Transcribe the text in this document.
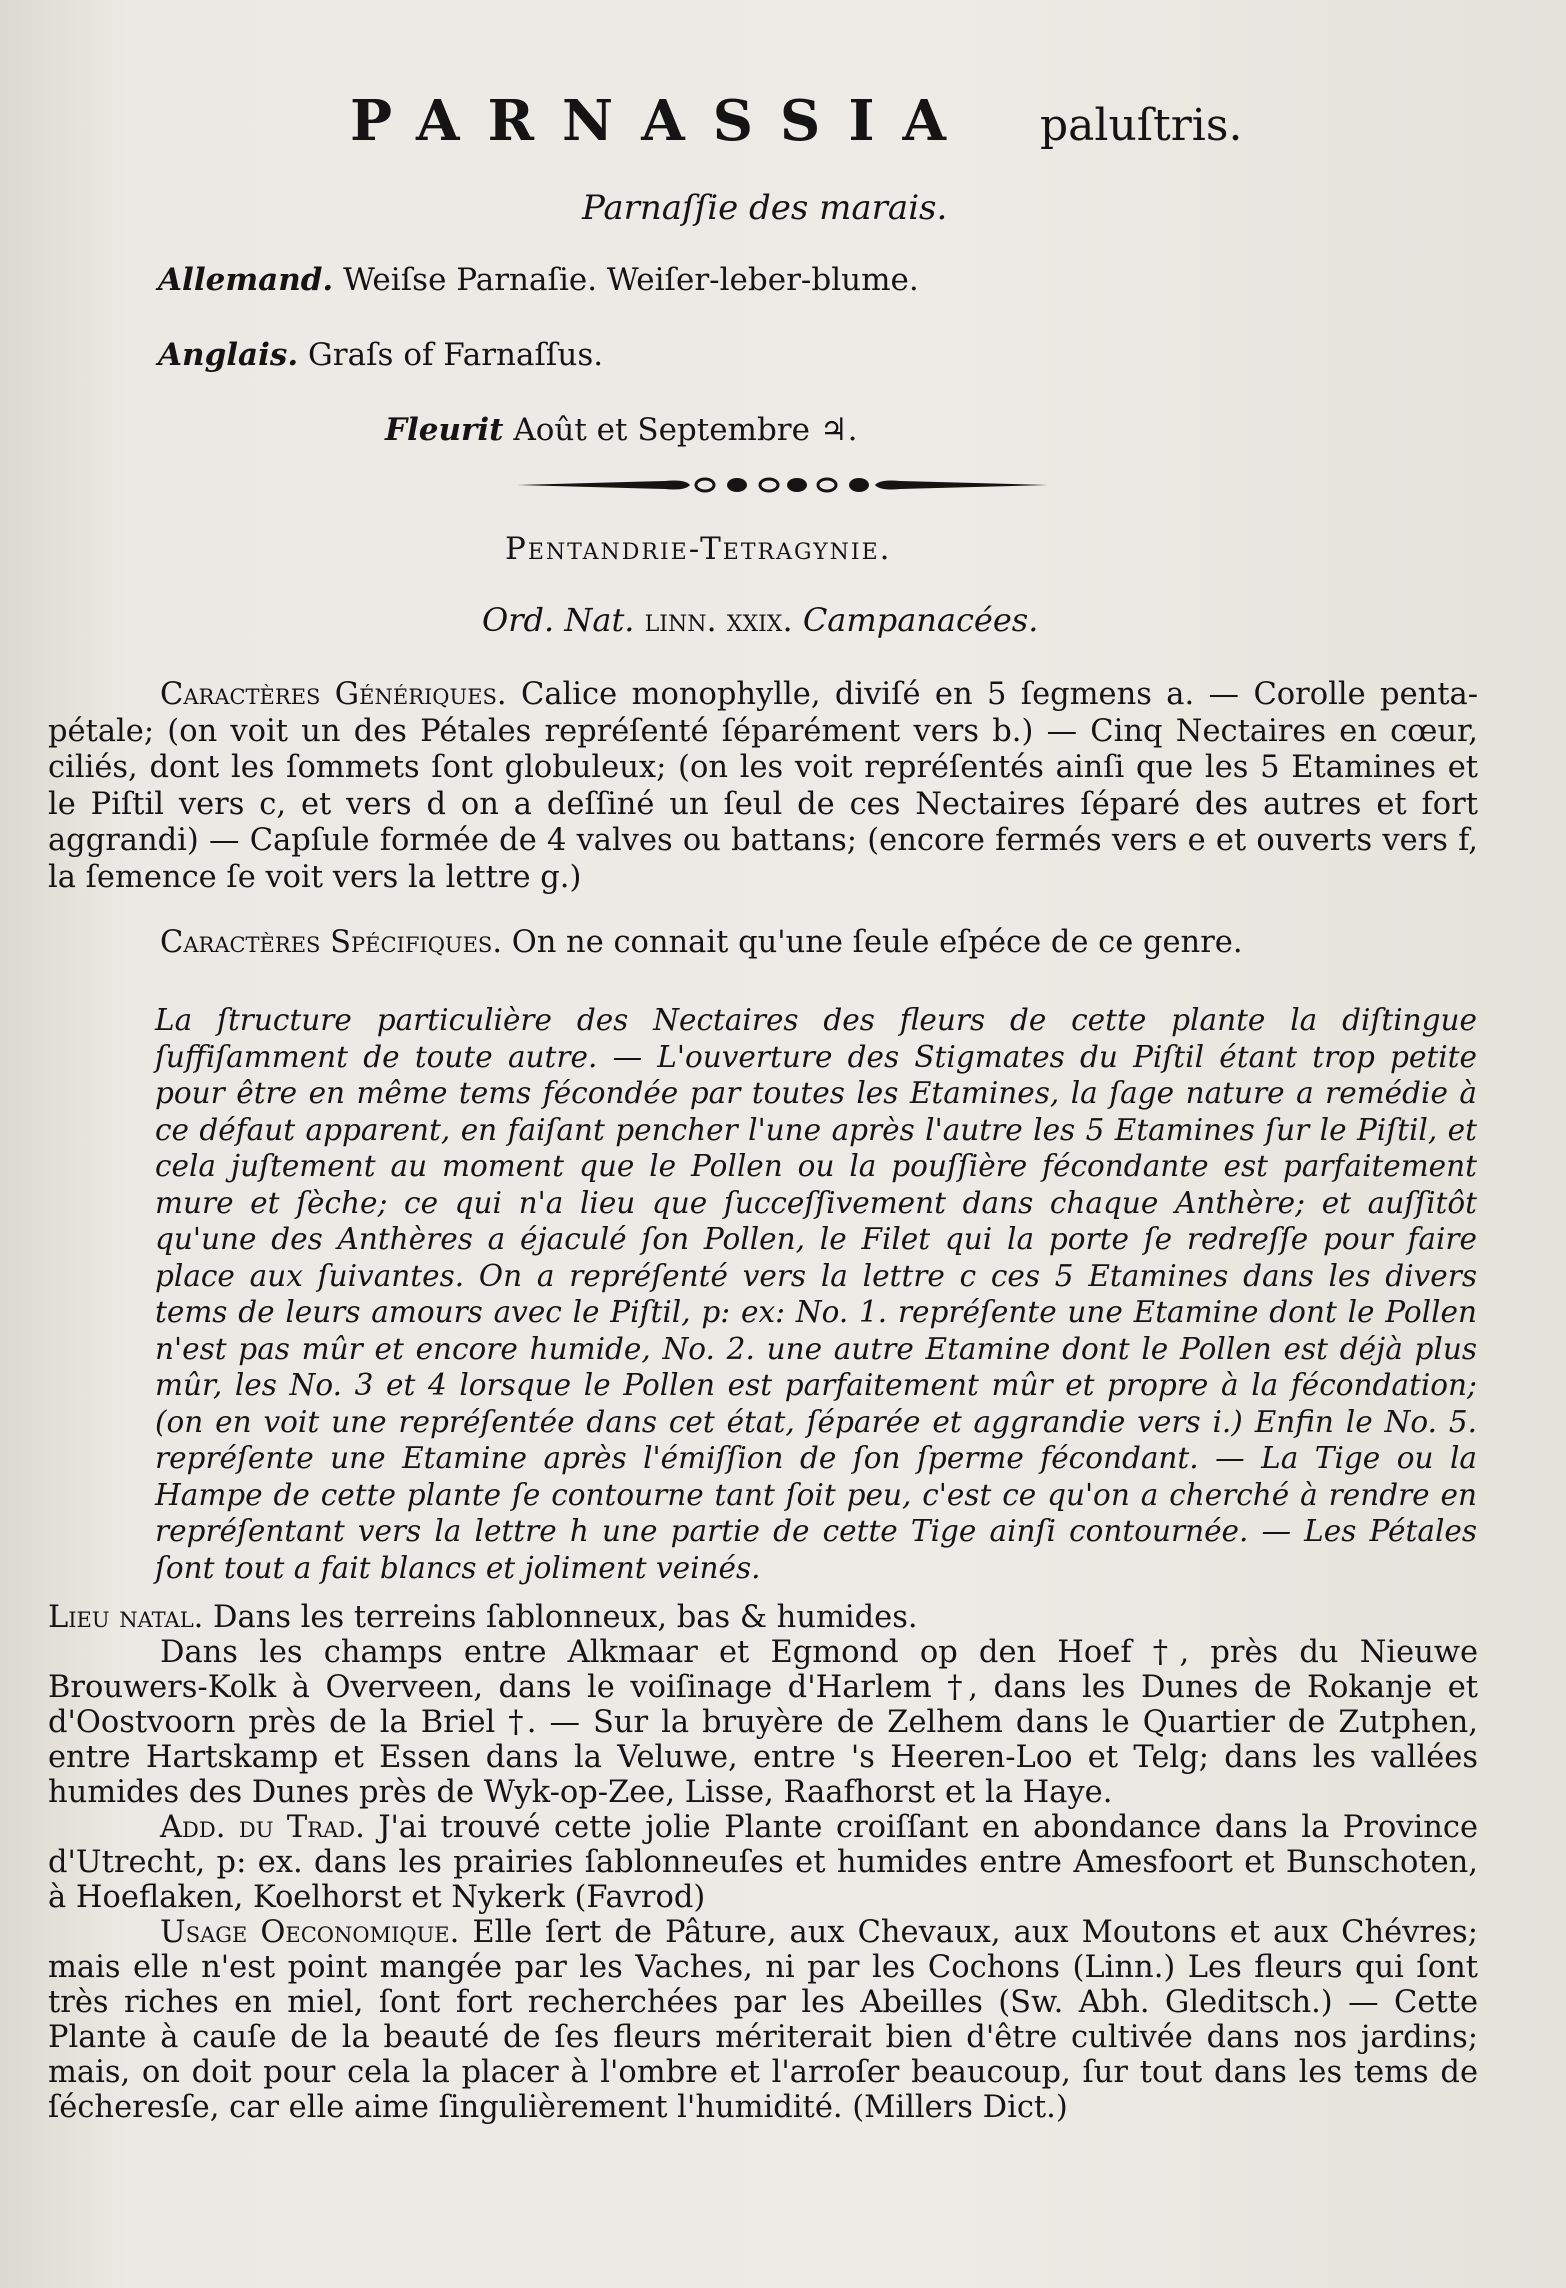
PARNASSIA paluſtris.
Parnaſſie des marais.
Allemand. Weiſse Parnaſie. Weiſer-leber-blume.
Anglais. Graſs of Farnaſſus.
Fleurit Août et Septembre ♃.
Pentandrie-Tetragynie.
Ord. Nat. linn. xxix. Campanacées.

Caractères Génériques. Calice monophylle, diviſé en 5 ſegmens a. — Corolle penta-pétale; (on voit un des Pétales repréſenté ſéparément vers b.) — Cinq Nectaires en cœur, ciliés, dont les ſommets ſont globuleux; (on les voit repréſentés ainſi que les 5 Etamines et le Piſtil vers c, et vers d on a deſſiné un ſeul de ces Nectaires ſéparé des autres et fort aggrandi) — Capſule formée de 4 valves ou battans; (encore fermés vers e et ouverts vers f, la ſemence ſe voit vers la lettre g.)

Caractères Spécifiques. On ne connait qu'une ſeule eſpéce de ce genre.

La ſtructure particulière des Nectaires des fleurs de cette plante la diſtingue ſuffiſamment de toute autre. — L'ouverture des Stigmates du Piſtil étant trop petite pour être en même tems fécondée par toutes les Etamines, la ſage nature a remédie à ce défaut apparent, en faiſant pencher l'une après l'autre les 5 Etamines ſur le Piſtil, et cela juſtement au moment que le Pollen ou la pouſſière fécondante est parfaitement mure et ſèche; ce qui n'a lieu que ſucceſſivement dans chaque Anthère; et auſſitôt qu'une des Anthères a éjaculé ſon Pollen, le Filet qui la porte ſe redreſſe pour faire place aux ſuivantes. On a repréſenté vers la lettre c ces 5 Etamines dans les divers tems de leurs amours avec le Piſtil, p: ex: No. 1. repréſente une Etamine dont le Pollen n'est pas mûr et encore humide, No. 2. une autre Etamine dont le Pollen est déjà plus mûr, les No. 3 et 4 lorsque le Pollen est parfaitement mûr et propre à la fécondation; (on en voit une repréſentée dans cet état, ſéparée et aggrandie vers i.) Enfin le No. 5. repréſente une Etamine après l'émiſſion de ſon ſperme fécondant. — La Tige ou la Hampe de cette plante ſe contourne tant ſoit peu, c'est ce qu'on a cherché à rendre en repréſentant vers la lettre h une partie de cette Tige ainſi contournée. — Les Pétales ſont tout a fait blancs et joliment veinés.

Lieu natal. Dans les terreins ſablonneux, bas & humides.

Dans les champs entre Alkmaar et Egmond op den Hoef †, près du Nieuwe Brouwers-Kolk à Overveen, dans le voiſinage d'Harlem †, dans les Dunes de Rokanje et d'Oostvoorn près de la Briel †. — Sur la bruyère de Zelhem dans le Quartier de Zutphen, entre Hartskamp et Essen dans la Veluwe, entre 's Heeren-Loo et Telg; dans les vallées humides des Dunes près de Wyk-op-Zee, Lisse, Raafhorst et la Haye.

Add. du Trad. J'ai trouvé cette jolie Plante croiſſant en abondance dans la Province d'Utrecht, p: ex. dans les prairies ſablonneuſes et humides entre Amesfoort et Bunschoten, à Hoeflaken, Koelhorst et Nykerk (Favrod)

Usage Oeconomique. Elle ſert de Pâture, aux Chevaux, aux Moutons et aux Chévres; mais elle n'est point mangée par les Vaches, ni par les Cochons (Linn.) Les fleurs qui ſont très riches en miel, ſont fort recherchées par les Abeilles (Sw. Abh. Gleditsch.) — Cette Plante à cauſe de la beauté de ſes fleurs mériterait bien d'être cultivée dans nos jardins; mais, on doit pour cela la placer à l'ombre et l'arroſer beaucoup, ſur tout dans les tems de ſécheresſe, car elle aime ſingulièrement l'humidité. (Millers Dict.)
